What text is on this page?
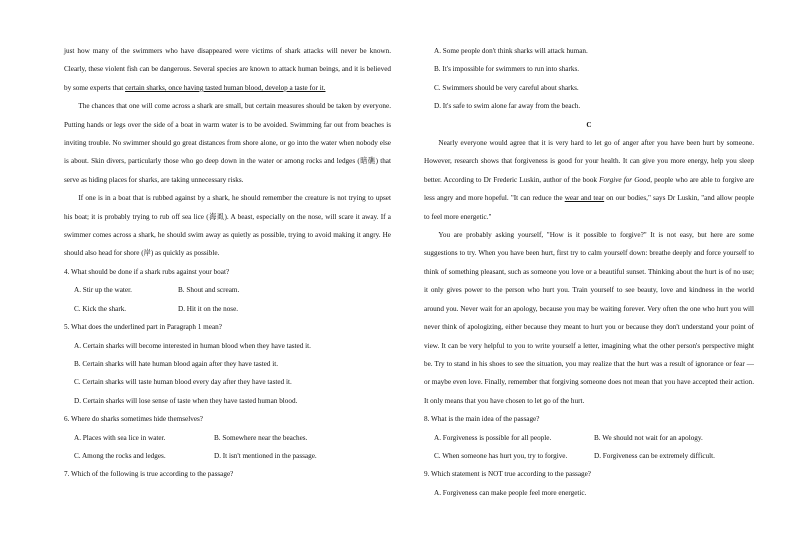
just how many of the swimmers who have disappeared were victims of shark attacks will never be known. Clearly, these violent fish can be dangerous. Several species are known to attack human beings, and it is believed by some experts that certain sharks, once having tasted human blood, develop a taste for it.

The chances that one will come across a shark are small, but certain measures should be taken by everyone. Putting hands or legs over the side of a boat in warm water is to be avoided. Swimming far out from beaches is inviting trouble. No swimmer should go great distances from shore alone, or go into the water when nobody else is about. Skin divers, particularly those who go deep down in the water or among rocks and ledges (暗礁) that serve as hiding places for sharks, are taking unnecessary risks.

If one is in a boat that is rubbed against by a shark, he should remember the creature is not trying to upset his boat; it is probably trying to rub off sea lice (海虱). A beast, especially on the nose, will scare it away. If a swimmer comes across a shark, he should swim away as quietly as possible, trying to avoid making it angry. He should also head for shore (岸) as quickly as possible.

4. What should be done if a shark rubs against your boat?

A. Stir up the water.	B. Shout and scream.
C. Kick the shark.	D. Hit it on the nose.

5. What does the underlined part in Paragraph 1 mean?

A. Certain sharks will become interested in human blood when they have tasted it.

B. Certain sharks will hate human blood again after they have tasted it.

C. Certain sharks will taste human blood every day after they have tasted it.

D. Certain sharks will lose sense of taste when they have tasted human blood.

6. Where do sharks sometimes hide themselves?

A. Places with sea lice in water.	B. Somewhere near the beaches.
C. Among the rocks and ledges.	D. It isn't mentioned in the passage.

7. Which of the following is true according to the passage?

A. Some people don't think sharks will attack human.

B. It's impossible for swimmers to run into sharks.

C. Swimmers should be very careful about sharks.

D. It's safe to swim alone far away from the beach.

C

Nearly everyone would agree that it is very hard to let go of anger after you have been hurt by someone. However, research shows that forgiveness is good for your health. It can give you more energy, help you sleep better. According to Dr Frederic Luskin, author of the book Forgive for Good, people who are able to forgive are less angry and more hopeful. "It can reduce the wear and tear on our bodies," says Dr Luskin, "and allow people to feel more energetic."

You are probably asking yourself, "How is it possible to forgive?" It is not easy, but here are some suggestions to try. When you have been hurt, first try to calm yourself down: breathe deeply and force yourself to think of something pleasant, such as someone you love or a beautiful sunset. Thinking about the hurt is of no use; it only gives power to the person who hurt you. Train yourself to see beauty, love and kindness in the world around you. Never wait for an apology, because you may be waiting forever. Very often the one who hurt you will never think of apologizing, either because they meant to hurt you or because they don't understand your point of view. It can be very helpful to you to write yourself a letter, imagining what the other person's perspective might be. Try to stand in his shoes to see the situation, you may realize that the hurt was a result of ignorance or fear — or maybe even love. Finally, remember that forgiving someone does not mean that you have accepted their action. It only means that you have chosen to let go of the hurt.

8. What is the main idea of the passage?

A. Forgiveness is possible for all people.	B. We should not wait for an apology.
C. When someone has hurt you, try to forgive.	D. Forgiveness can be extremely difficult.

9. Which statement is NOT true according to the passage?

A. Forgiveness can make people feel more energetic.
